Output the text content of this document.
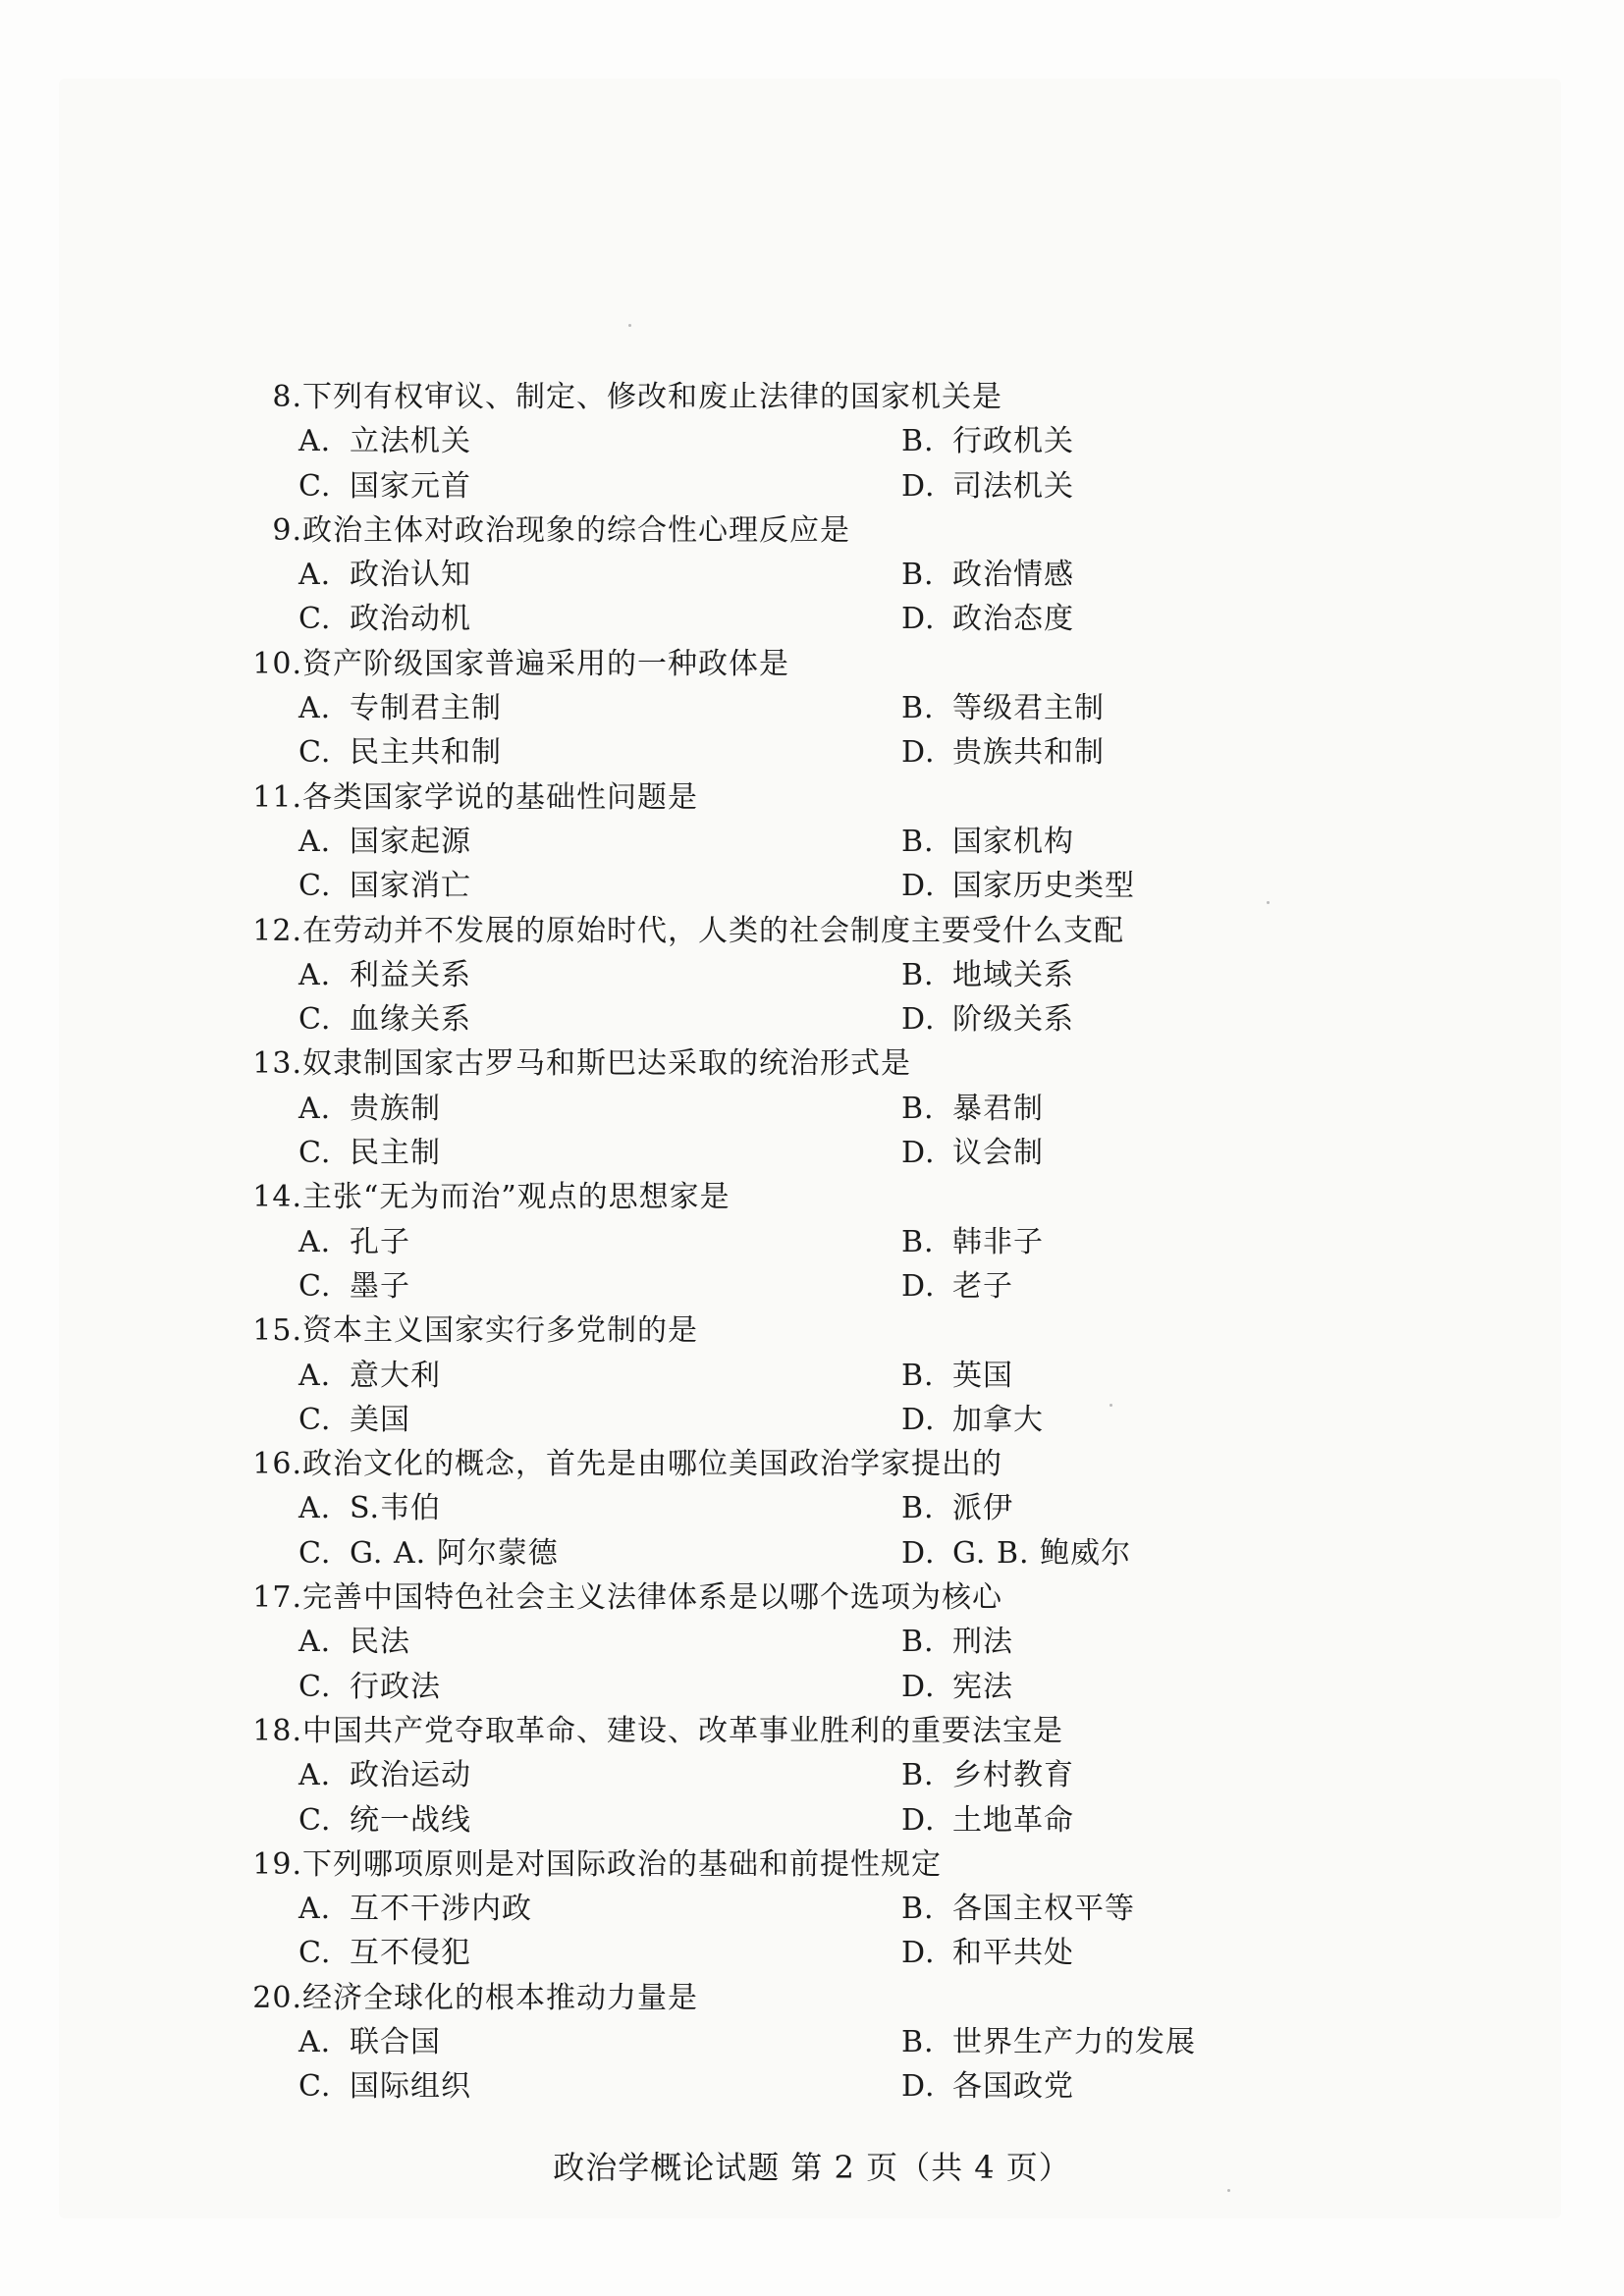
8.下列有权审议、制定、修改和废止法律的国家机关是
A. 立法机关	B. 行政机关
C. 国家元首	D. 司法机关
9.政治主体对政治现象的综合性心理反应是
A. 政治认知	B. 政治情感
C. 政治动机	D. 政治态度
10.资产阶级国家普遍采用的一种政体是
A. 专制君主制	B. 等级君主制
C. 民主共和制	D. 贵族共和制
11.各类国家学说的基础性问题是
A. 国家起源	B. 国家机构
C. 国家消亡	D. 国家历史类型
12.在劳动并不发展的原始时代，人类的社会制度主要受什么支配
A. 利益关系	B. 地域关系
C. 血缘关系	D. 阶级关系
13.奴隶制国家古罗马和斯巴达采取的统治形式是
A. 贵族制	B. 暴君制
C. 民主制	D. 议会制
14.主张“无为而治”观点的思想家是
A. 孔子	B. 韩非子
C. 墨子	D. 老子
15.资本主义国家实行多党制的是
A. 意大利	B. 英国
C. 美国	D. 加拿大
16.政治文化的概念，首先是由哪位美国政治学家提出的
A. S.韦伯	B. 派伊
C. G. A. 阿尔蒙德	D. G. B. 鲍威尔
17.完善中国特色社会主义法律体系是以哪个选项为核心
A. 民法	B. 刑法
C. 行政法	D. 宪法
18.中国共产党夺取革命、建设、改革事业胜利的重要法宝是
A. 政治运动	B. 乡村教育
C. 统一战线	D. 土地革命
19.下列哪项原则是对国际政治的基础和前提性规定
A. 互不干涉内政	B. 各国主权平等
C. 互不侵犯	D. 和平共处
20.经济全球化的根本推动力量是
A. 联合国	B. 世界生产力的发展
C. 国际组织	D. 各国政党
政治学概论试题 第 2 页（共 4 页）
